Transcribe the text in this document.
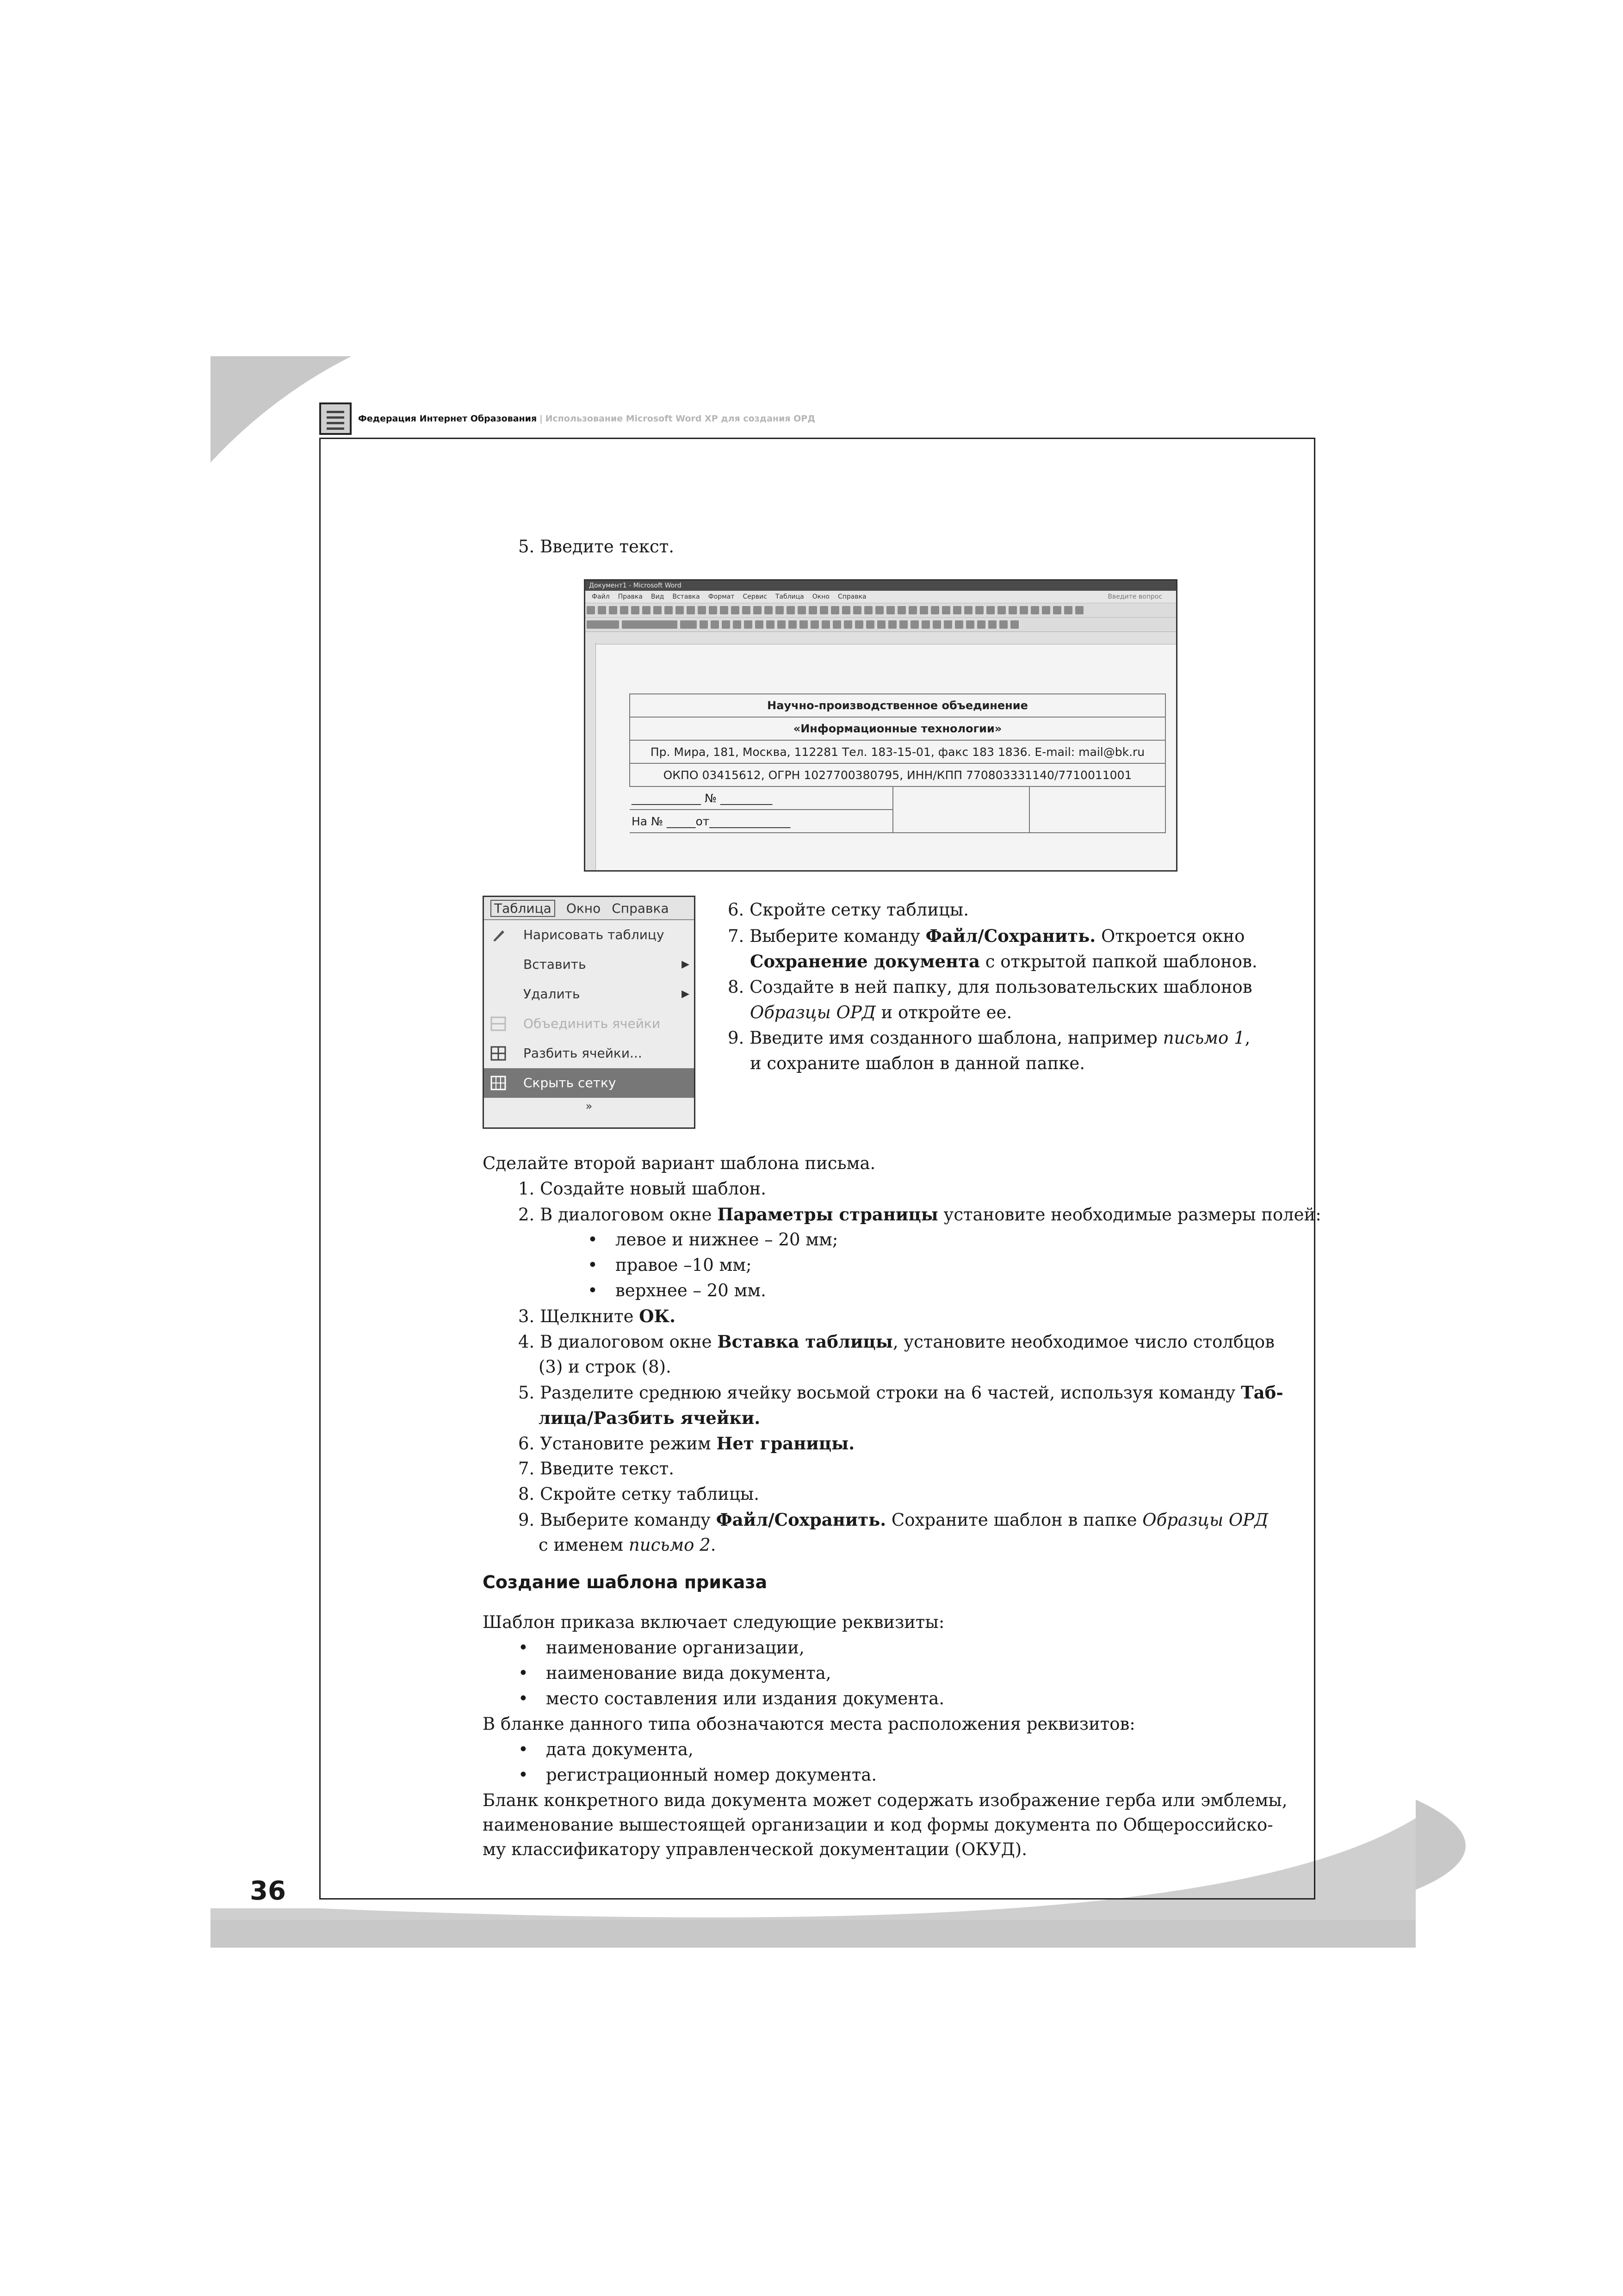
Федерация Интернет Образования | Использование Microsoft Word XP для создания ОРД
5. Введите текст.
Документ1 - Microsoft Word
Файл Правка Вид Вставка Формат Сервис Таблица Окно Справка	Введите вопрос
Научно-производственное объединение
«Информационные технологии»
Пр. Мира, 181, Москва, 112281 Тел. 183-15-01, факс 183 1836. E-mail: mail@bk.ru
ОКПО 03415612, ОГРН 1027700380795, ИНН/КПП 770803331140/7710011001
____________ № _________		
На № _____от______________
Таблица Окно Справка
Нарисовать таблицу
Вставить	▶
Удалить	▶
Объединить ячейки
Разбить ячейки...
Скрыть сетку
»
6. Скройте сетку таблицы.
7. Выберите команду Файл/Сохранить. Откроется окно
Сохранение документа с открытой папкой шаблонов.
8. Создайте в ней папку, для пользовательских шаблонов
Образцы ОРД и откройте ее.
9. Введите имя созданного шаблона, например письмо 1,
и сохраните шаблон в данной папке.
Сделайте второй вариант шаблона письма.
1. Создайте новый шаблон.
2. В диалоговом окне Параметры страницы установите необходимые размеры полей:
• левое и нижнее – 20 мм;
• правое –10 мм;
• верхнее – 20 мм.
3. Щелкните ОК.
4. В диалоговом окне Вставка таблицы, установите необходимое число столбцов
(3) и строк (8).
5. Разделите среднюю ячейку восьмой строки на 6 частей, используя команду Таб-
лица/Разбить ячейки.
6. Установите режим Нет границы.
7. Введите текст.
8. Скройте сетку таблицы.
9. Выберите команду Файл/Сохранить. Сохраните шаблон в папке Образцы ОРД
с именем письмо 2.
Создание шаблона приказа
Шаблон приказа включает следующие реквизиты:
• наименование организации,
• наименование вида документа,
• место составления или издания документа.
В бланке данного типа обозначаются места расположения реквизитов:
• дата документа,
• регистрационный номер документа.
Бланк конкретного вида документа может содержать изображение герба или эмблемы,
наименование вышестоящей организации и код формы документа по Общероссийско-
му классификатору управленческой документации (ОКУД).
36
